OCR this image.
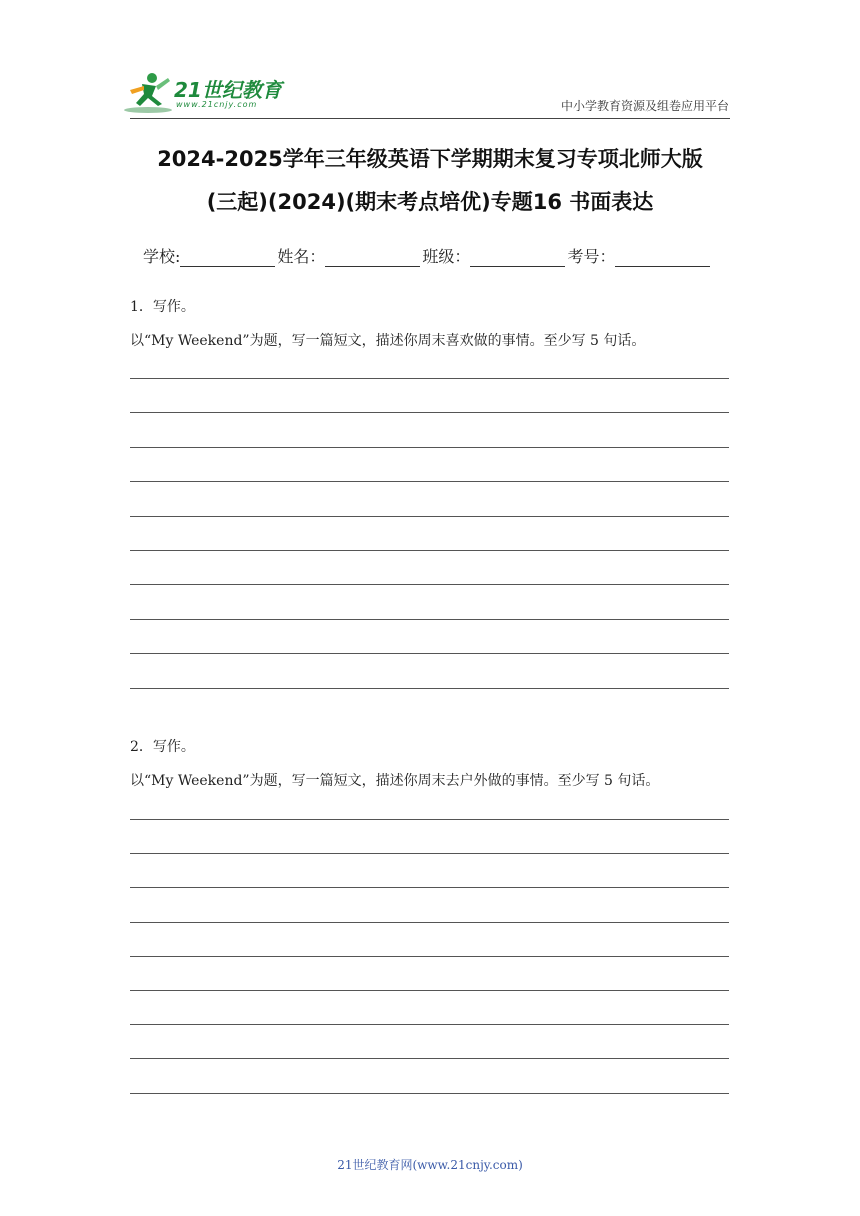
21世纪教育
www.21cnjy.com	中小学教育资源及组卷应用平台
2024-2025学年三年级英语下学期期末复习专项北师大版
(三起)(2024)(期末考点培优)专题16 书面表达
学校:	姓名：	班级：	考号：
1．写作。
以“My Weekend”为题，写一篇短文，描述你周末喜欢做的事情。至少写 5 句话。
2．写作。
以“My Weekend”为题，写一篇短文，描述你周末去户外做的事情。至少写 5 句话。
21世纪教育网(www.21cnjy.com)
